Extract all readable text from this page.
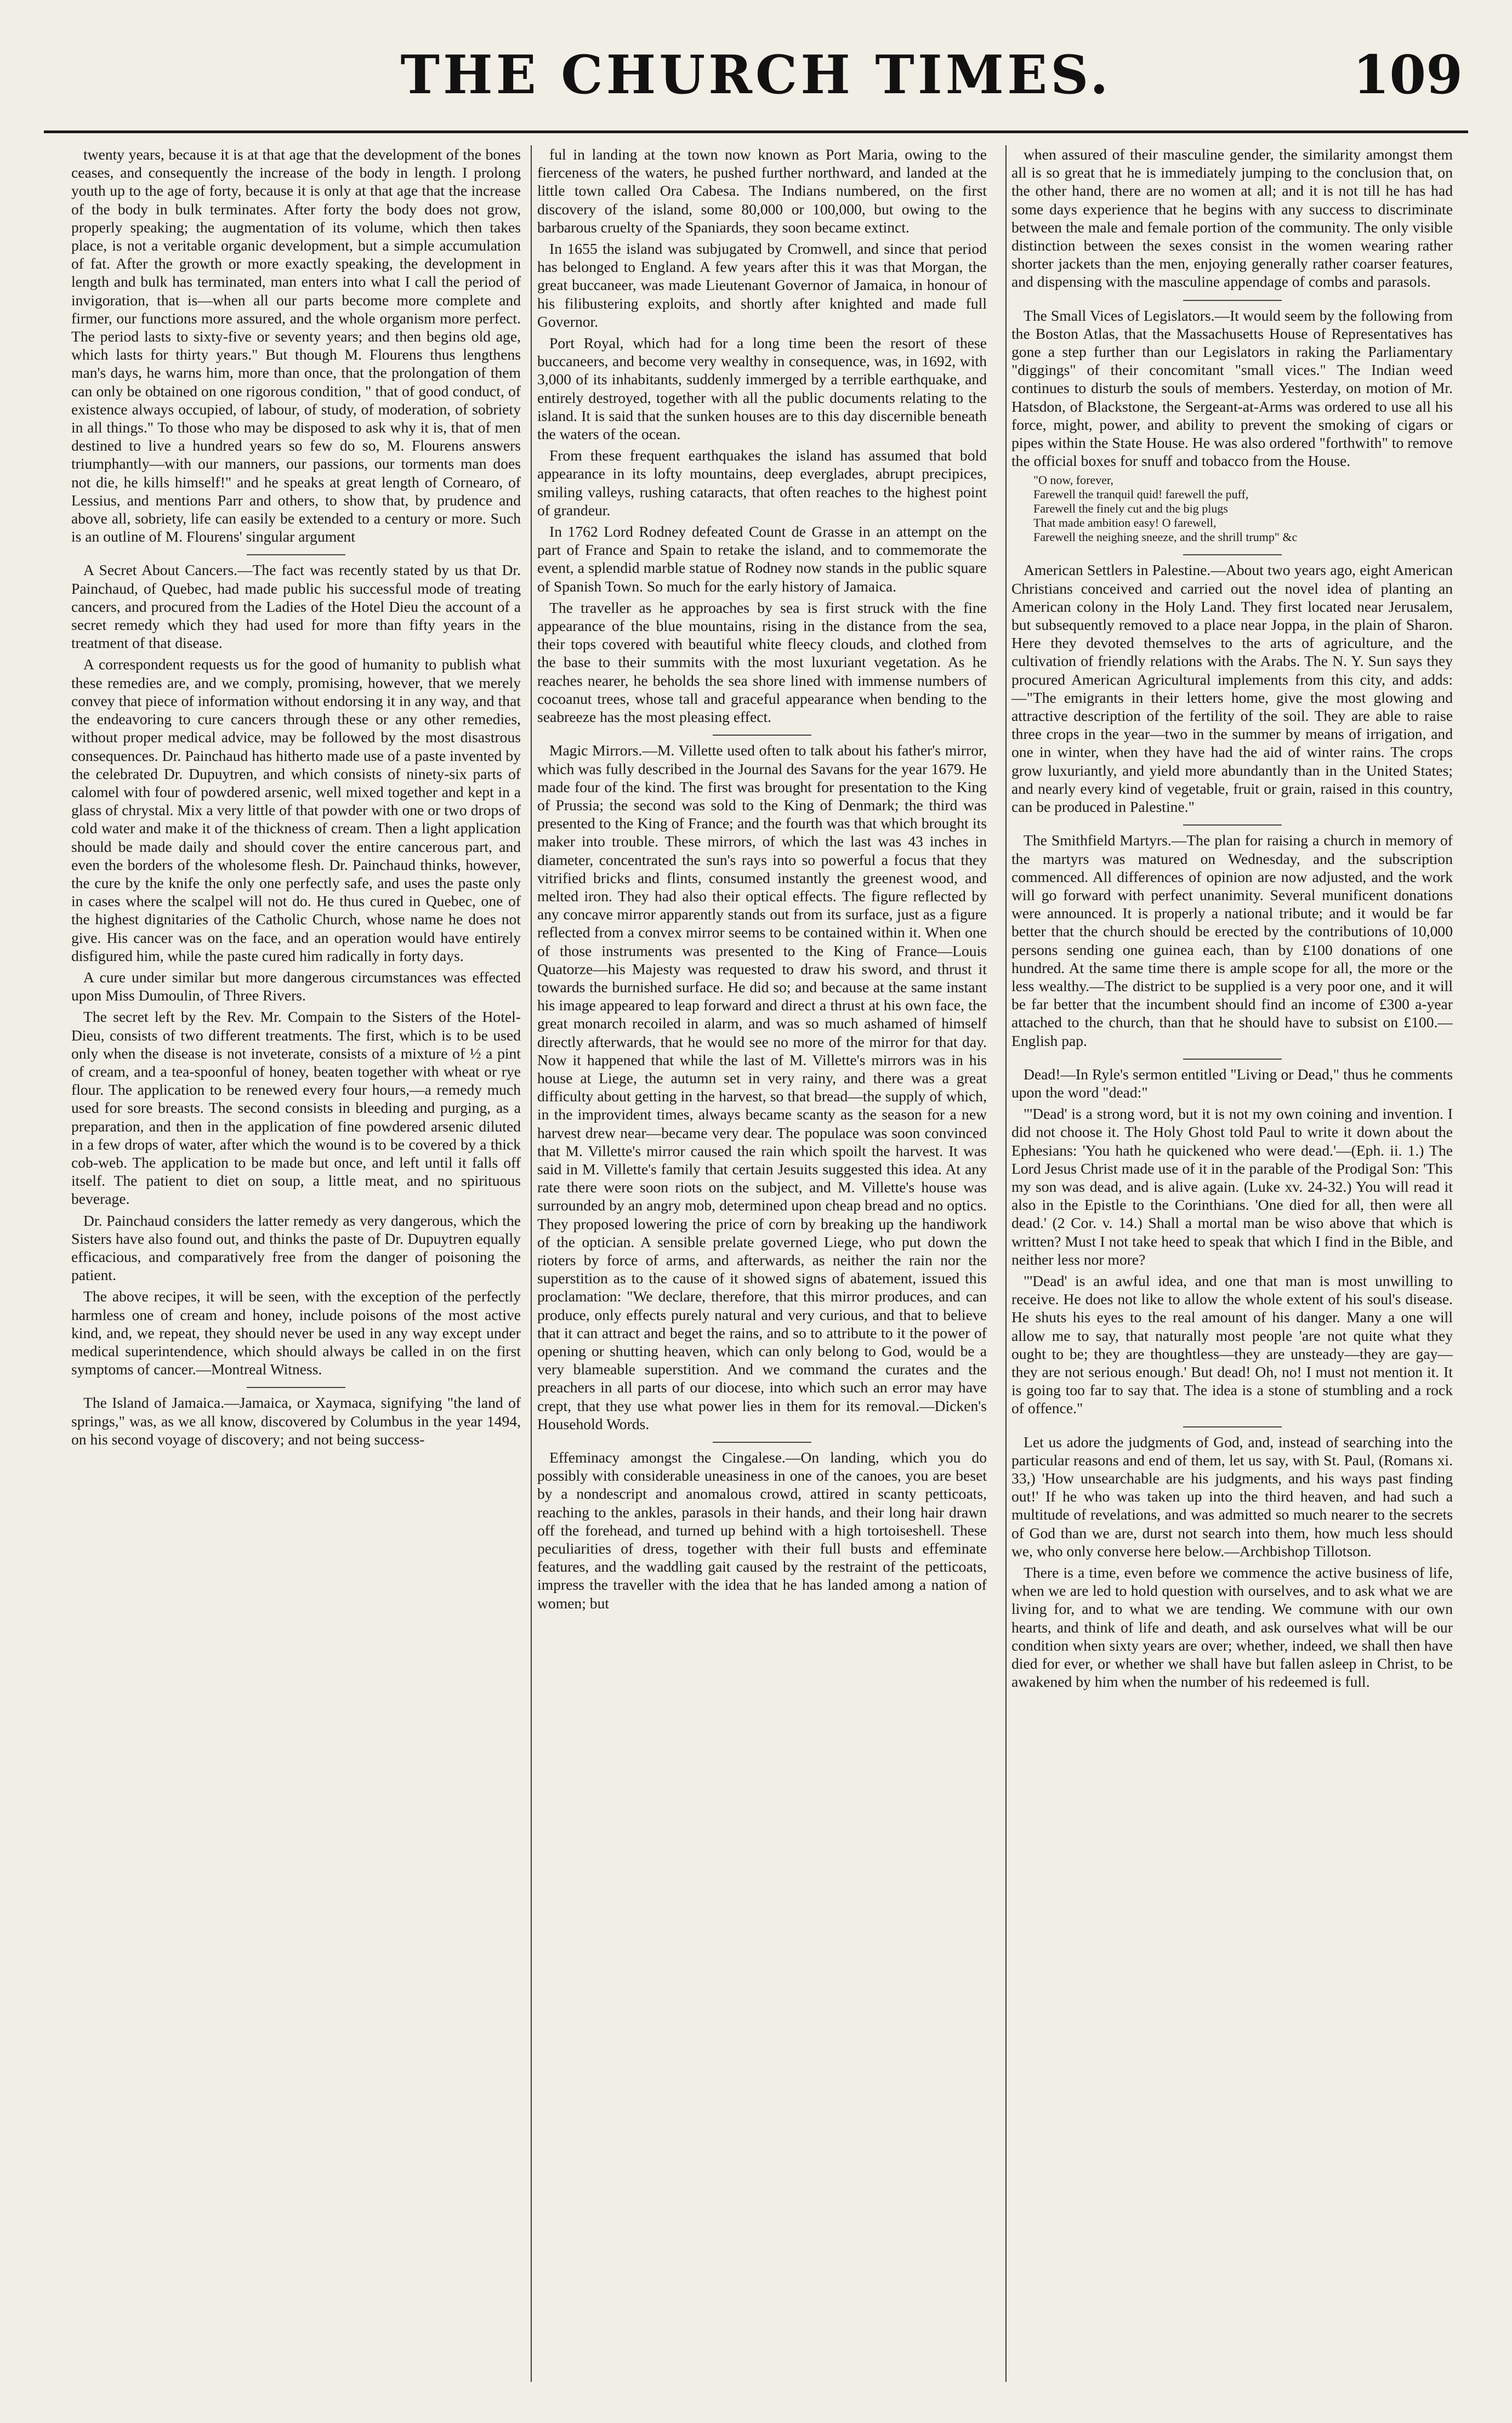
THE CHURCH TIMES.	109

twenty years, because it is at that age that the development of the bones ceases, and consequently the increase of the body in length. I prolong youth up to the age of forty, because it is only at that age that the increase of the body in bulk terminates. After forty the body does not grow, properly speaking; the augmentation of its volume, which then takes place, is not a veritable organic development, but a simple accumulation of fat. After the growth or more exactly speaking, the development in length and bulk has terminated, man enters into what I call the period of invigoration, that is—when all our parts become more complete and firmer, our functions more assured, and the whole organism more perfect. The period lasts to sixty-five or seventy years; and then begins old age, which lasts for thirty years." But though M. Flourens thus lengthens man's days, he warns him, more than once, that the prolongation of them can only be obtained on one rigorous condition, " that of good conduct, of existence always occupied, of labour, of study, of moderation, of sobriety in all things." To those who may be disposed to ask why it is, that of men destined to live a hundred years so few do so, M. Flourens answers triumphantly—with our manners, our passions, our torments man does not die, he kills himself!" and he speaks at great length of Cornearo, of Lessius, and mentions Parr and others, to show that, by prudence and above all, sobriety, life can easily be extended to a century or more. Such is an outline of M. Flourens' singular argument

A Secret About Cancers.—The fact was recently stated by us that Dr. Painchaud, of Quebec, had made public his successful mode of treating cancers, and procured from the Ladies of the Hotel Dieu the account of a secret remedy which they had used for more than fifty years in the treatment of that disease.

A correspondent requests us for the good of humanity to publish what these remedies are, and we comply, promising, however, that we merely convey that piece of information without endorsing it in any way, and that the endeavoring to cure cancers through these or any other remedies, without proper medical advice, may be followed by the most disastrous consequences. Dr. Painchaud has hitherto made use of a paste invented by the celebrated Dr. Dupuytren, and which consists of ninety-six parts of calomel with four of powdered arsenic, well mixed together and kept in a glass of chrystal. Mix a very little of that powder with one or two drops of cold water and make it of the thickness of cream. Then a light application should be made daily and should cover the entire cancerous part, and even the borders of the wholesome flesh. Dr. Painchaud thinks, however, the cure by the knife the only one perfectly safe, and uses the paste only in cases where the scalpel will not do. He thus cured in Quebec, one of the highest dignitaries of the Catholic Church, whose name he does not give. His cancer was on the face, and an operation would have entirely disfigured him, while the paste cured him radically in forty days.

A cure under similar but more dangerous circumstances was effected upon Miss Dumoulin, of Three Rivers.

The secret left by the Rev. Mr. Compain to the Sisters of the Hotel-Dieu, consists of two different treatments. The first, which is to be used only when the disease is not inveterate, consists of a mixture of ½ a pint of cream, and a tea-spoonful of honey, beaten together with wheat or rye flour. The application to be renewed every four hours,—a remedy much used for sore breasts. The second consists in bleeding and purging, as a preparation, and then in the application of fine powdered arsenic diluted in a few drops of water, after which the wound is to be covered by a thick cob-web. The application to be made but once, and left until it falls off itself. The patient to diet on soup, a little meat, and no spirituous beverage.

Dr. Painchaud considers the latter remedy as very dangerous, which the Sisters have also found out, and thinks the paste of Dr. Dupuytren equally efficacious, and comparatively free from the danger of poisoning the patient.

The above recipes, it will be seen, with the exception of the perfectly harmless one of cream and honey, include poisons of the most active kind, and, we repeat, they should never be used in any way except under medical superintendence, which should always be called in on the first symptoms of cancer.—Montreal Witness.

The Island of Jamaica.—Jamaica, or Xaymaca, signifying "the land of springs," was, as we all know, discovered by Columbus in the year 1494, on his second voyage of discovery; and not being success-

ful in landing at the town now known as Port Maria, owing to the fierceness of the waters, he pushed further northward, and landed at the little town called Ora Cabesa. The Indians numbered, on the first discovery of the island, some 80,000 or 100,000, but owing to the barbarous cruelty of the Spaniards, they soon became extinct.

In 1655 the island was subjugated by Cromwell, and since that period has belonged to England. A few years after this it was that Morgan, the great buccaneer, was made Lieutenant Governor of Jamaica, in honour of his filibustering exploits, and shortly after knighted and made full Governor.

Port Royal, which had for a long time been the resort of these buccaneers, and become very wealthy in consequence, was, in 1692, with 3,000 of its inhabitants, suddenly immerged by a terrible earthquake, and entirely destroyed, together with all the public documents relating to the island. It is said that the sunken houses are to this day discernible beneath the waters of the ocean.

From these frequent earthquakes the island has assumed that bold appearance in its lofty mountains, deep everglades, abrupt precipices, smiling valleys, rushing cataracts, that often reaches to the highest point of grandeur.

In 1762 Lord Rodney defeated Count de Grasse in an attempt on the part of France and Spain to retake the island, and to commemorate the event, a splendid marble statue of Rodney now stands in the public square of Spanish Town. So much for the early history of Jamaica.

The traveller as he approaches by sea is first struck with the fine appearance of the blue mountains, rising in the distance from the sea, their tops covered with beautiful white fleecy clouds, and clothed from the base to their summits with the most luxuriant vegetation. As he reaches nearer, he beholds the sea shore lined with immense numbers of cocoanut trees, whose tall and graceful appearance when bending to the seabreeze has the most pleasing effect.

Magic Mirrors.—M. Villette used often to talk about his father's mirror, which was fully described in the Journal des Savans for the year 1679. He made four of the kind. The first was brought for presentation to the King of Prussia; the second was sold to the King of Denmark; the third was presented to the King of France; and the fourth was that which brought its maker into trouble. These mirrors, of which the last was 43 inches in diameter, concentrated the sun's rays into so powerful a focus that they vitrified bricks and flints, consumed instantly the greenest wood, and melted iron. They had also their optical effects. The figure reflected by any concave mirror apparently stands out from its surface, just as a figure reflected from a convex mirror seems to be contained within it. When one of those instruments was presented to the King of France—Louis Quatorze—his Majesty was requested to draw his sword, and thrust it towards the burnished surface. He did so; and because at the same instant his image appeared to leap forward and direct a thrust at his own face, the great monarch recoiled in alarm, and was so much ashamed of himself directly afterwards, that he would see no more of the mirror for that day. Now it happened that while the last of M. Villette's mirrors was in his house at Liege, the autumn set in very rainy, and there was a great difficulty about getting in the harvest, so that bread—the supply of which, in the improvident times, always became scanty as the season for a new harvest drew near—became very dear. The populace was soon convinced that M. Villette's mirror caused the rain which spoilt the harvest. It was said in M. Villette's family that certain Jesuits suggested this idea. At any rate there were soon riots on the subject, and M. Villette's house was surrounded by an angry mob, determined upon cheap bread and no optics. They proposed lowering the price of corn by breaking up the handiwork of the optician. A sensible prelate governed Liege, who put down the rioters by force of arms, and afterwards, as neither the rain nor the superstition as to the cause of it showed signs of abatement, issued this proclamation: "We declare, therefore, that this mirror produces, and can produce, only effects purely natural and very curious, and that to believe that it can attract and beget the rains, and so to attribute to it the power of opening or shutting heaven, which can only belong to God, would be a very blameable superstition. And we command the curates and the preachers in all parts of our diocese, into which such an error may have crept, that they use what power lies in them for its removal.—Dicken's Household Words.

Effeminacy amongst the Cingalese.—On landing, which you do possibly with considerable uneasiness in one of the canoes, you are beset by a nondescript and anomalous crowd, attired in scanty petticoats, reaching to the ankles, parasols in their hands, and their long hair drawn off the forehead, and turned up behind with a high tortoiseshell. These peculiarities of dress, together with their full busts and effeminate features, and the waddling gait caused by the restraint of the petticoats, impress the traveller with the idea that he has landed among a nation of women; but

when assured of their masculine gender, the similarity amongst them all is so great that he is immediately jumping to the conclusion that, on the other hand, there are no women at all; and it is not till he has had some days experience that he begins with any success to discriminate between the male and female portion of the community. The only visible distinction between the sexes consist in the women wearing rather shorter jackets than the men, enjoying generally rather coarser features, and dispensing with the masculine appendage of combs and parasols.

The Small Vices of Legislators.—It would seem by the following from the Boston Atlas, that the Massachusetts House of Representatives has gone a step further than our Legislators in raking the Parliamentary "diggings" of their concomitant "small vices." The Indian weed continues to disturb the souls of members. Yesterday, on motion of Mr. Hatsdon, of Blackstone, the Sergeant-at-Arms was ordered to use all his force, might, power, and ability to prevent the smoking of cigars or pipes within the State House. He was also ordered "forthwith" to remove the official boxes for snuff and tobacco from the House.

"O now, forever,
Farewell the tranquil quid! farewell the puff,
Farewell the finely cut and the big plugs
That made ambition easy! O farewell,
Farewell the neighing sneeze, and the shrill trump" &c

American Settlers in Palestine.—About two years ago, eight American Christians conceived and carried out the novel idea of planting an American colony in the Holy Land. They first located near Jerusalem, but subsequently removed to a place near Joppa, in the plain of Sharon. Here they devoted themselves to the arts of agriculture, and the cultivation of friendly relations with the Arabs. The N. Y. Sun says they procured American Agricultural implements from this city, and adds:—"The emigrants in their letters home, give the most glowing and attractive description of the fertility of the soil. They are able to raise three crops in the year—two in the summer by means of irrigation, and one in winter, when they have had the aid of winter rains. The crops grow luxuriantly, and yield more abundantly than in the United States; and nearly every kind of vegetable, fruit or grain, raised in this country, can be produced in Palestine."

The Smithfield Martyrs.—The plan for raising a church in memory of the martyrs was matured on Wednesday, and the subscription commenced. All differences of opinion are now adjusted, and the work will go forward with perfect unanimity. Several munificent donations were announced. It is properly a national tribute; and it would be far better that the church should be erected by the contributions of 10,000 persons sending one guinea each, than by £100 donations of one hundred. At the same time there is ample scope for all, the more or the less wealthy.—The district to be supplied is a very poor one, and it will be far better that the incumbent should find an income of £300 a-year attached to the church, than that he should have to subsist on £100.—English pap.

Dead!—In Ryle's sermon entitled "Living or Dead," thus he comments upon the word "dead:"

"'Dead' is a strong word, but it is not my own coining and invention. I did not choose it. The Holy Ghost told Paul to write it down about the Ephesians: 'You hath he quickened who were dead.'—(Eph. ii. 1.) The Lord Jesus Christ made use of it in the parable of the Prodigal Son: 'This my son was dead, and is alive again. (Luke xv. 24-32.) You will read it also in the Epistle to the Corinthians. 'One died for all, then were all dead.' (2 Cor. v. 14.) Shall a mortal man be wiso above that which is written? Must I not take heed to speak that which I find in the Bible, and neither less nor more?

"'Dead' is an awful idea, and one that man is most unwilling to receive. He does not like to allow the whole extent of his soul's disease. He shuts his eyes to the real amount of his danger. Many a one will allow me to say, that naturally most people 'are not quite what they ought to be; they are thoughtless—they are unsteady—they are gay—they are not serious enough.' But dead! Oh, no! I must not mention it. It is going too far to say that. The idea is a stone of stumbling and a rock of offence."

Let us adore the judgments of God, and, instead of searching into the particular reasons and end of them, let us say, with St. Paul, (Romans xi. 33,) 'How unsearchable are his judgments, and his ways past finding out!' If he who was taken up into the third heaven, and had such a multitude of revelations, and was admitted so much nearer to the secrets of God than we are, durst not search into them, how much less should we, who only converse here below.—Archbishop Tillotson.

There is a time, even before we commence the active business of life, when we are led to hold question with ourselves, and to ask what we are living for, and to what we are tending. We commune with our own hearts, and think of life and death, and ask ourselves what will be our condition when sixty years are over; whether, indeed, we shall then have died for ever, or whether we shall have but fallen asleep in Christ, to be awakened by him when the number of his redeemed is full.
